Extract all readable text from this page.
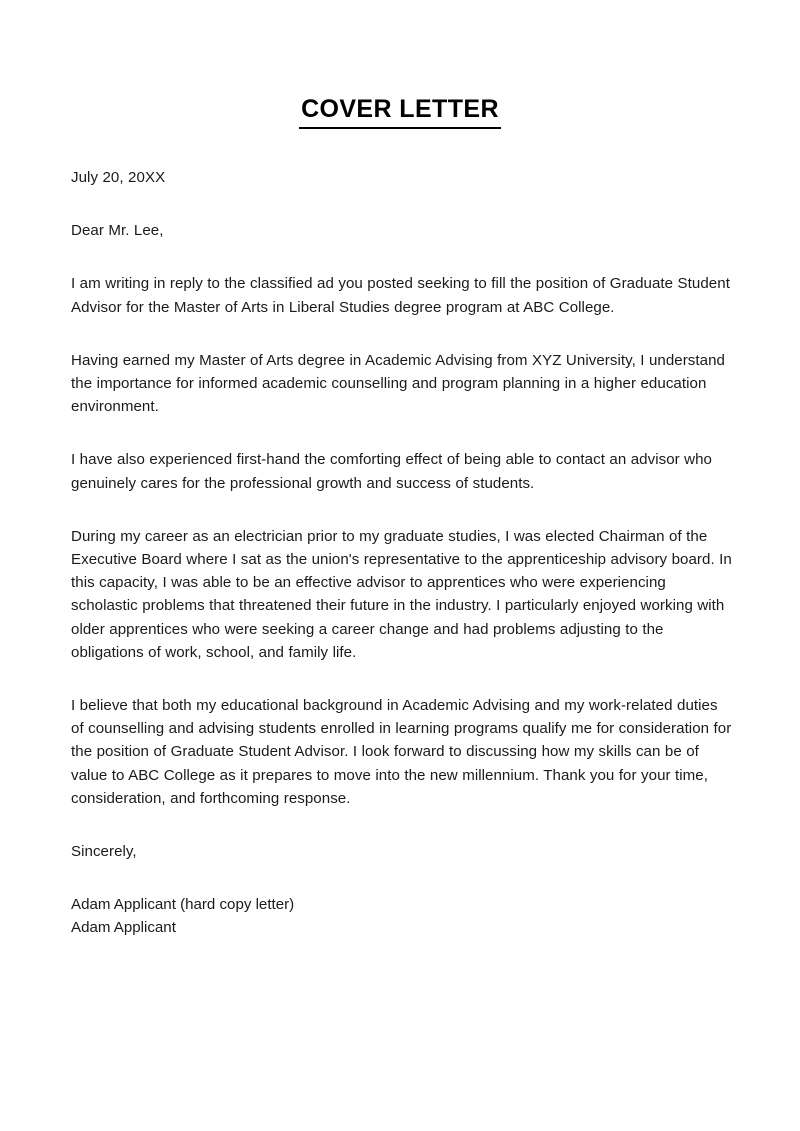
COVER LETTER

July 20, 20XX

Dear Mr. Lee,

I am writing in reply to the classified ad you posted seeking to fill the position of Graduate Student Advisor for the Master of Arts in Liberal Studies degree program at ABC College.

Having earned my Master of Arts degree in Academic Advising from XYZ University, I understand the importance for informed academic counselling and program planning in a higher education environment.

I have also experienced first-hand the comforting effect of being able to contact an advisor who genuinely cares for the professional growth and success of students.

During my career as an electrician prior to my graduate studies, I was elected Chairman of the Executive Board where I sat as the union's representative to the apprenticeship advisory board. In this capacity, I was able to be an effective advisor to apprentices who were experiencing scholastic problems that threatened their future in the industry. I particularly enjoyed working with older apprentices who were seeking a career change and had problems adjusting to the obligations of work, school, and family life.

I believe that both my educational background in Academic Advising and my work-related duties of counselling and advising students enrolled in learning programs qualify me for consideration for the position of Graduate Student Advisor. I look forward to discussing how my skills can be of value to ABC College as it prepares to move into the new millennium. Thank you for your time, consideration, and forthcoming response.

Sincerely,

Adam Applicant (hard copy letter)

Adam Applicant
